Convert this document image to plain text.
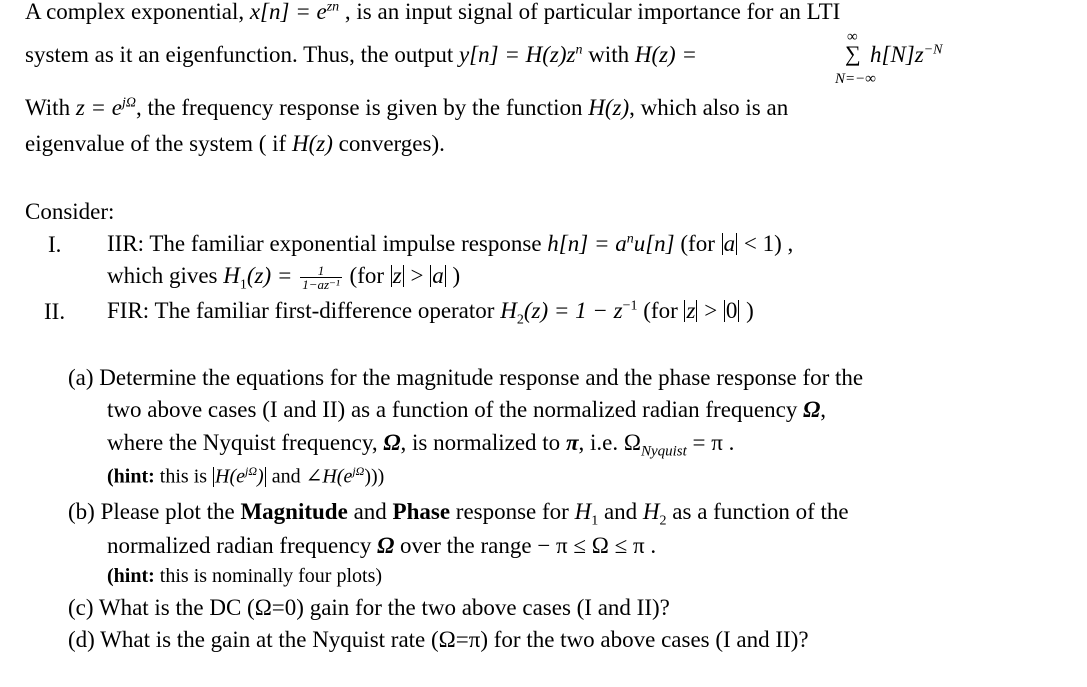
A complex exponential, $x[n] = e^{zn}$ , is an input signal of particular importance for an LTI
system as it an eigenfunction. Thus, the output $y[n] = H(z)z^n$ with H(z) =
∞
∑ $h[N]z^{-N}$
N=−∞
With $z = e^{j\Omega}$, the frequency response is given by the function H(z), which also is an
eigenvalue of the system ( if H(z) converges).
Consider:
I. IIR: The familiar exponential impulse response $h[n] = a^nu[n]$ (for a < 1) ,
which gives $H_1(z) = \frac{1}{\text{1−az⁻¹}} (for$ z > a )
II. FIR: The familiar first-difference operator $H_2(z) = 1 - z^{-1}$ (for z > 0 )
(a) Determine the equations for the magnitude response and the phase response for the
two above cases (I and II) as a function of the normalized radian frequency Ω,
where the Nyquist frequency, Ω, is normalized to π, i.e. $\Omega_{Nyquist} = \pi$ .
(hint: this is $H(e^{j\Omega})$ and $\angle H(e^{j\Omega})$))
(b) Please plot the Magnitude and Phase response for $H_1$ and $H_2$ as a function of the
normalized radian frequency Ω over the range − π ≤ Ω ≤ π .
(hint: this is nominally four plots)
(c) What is the DC (Ω=0) gain for the two above cases (I and II)?
(d) What is the gain at the Nyquist rate (Ω=π) for the two above cases (I and II)?
